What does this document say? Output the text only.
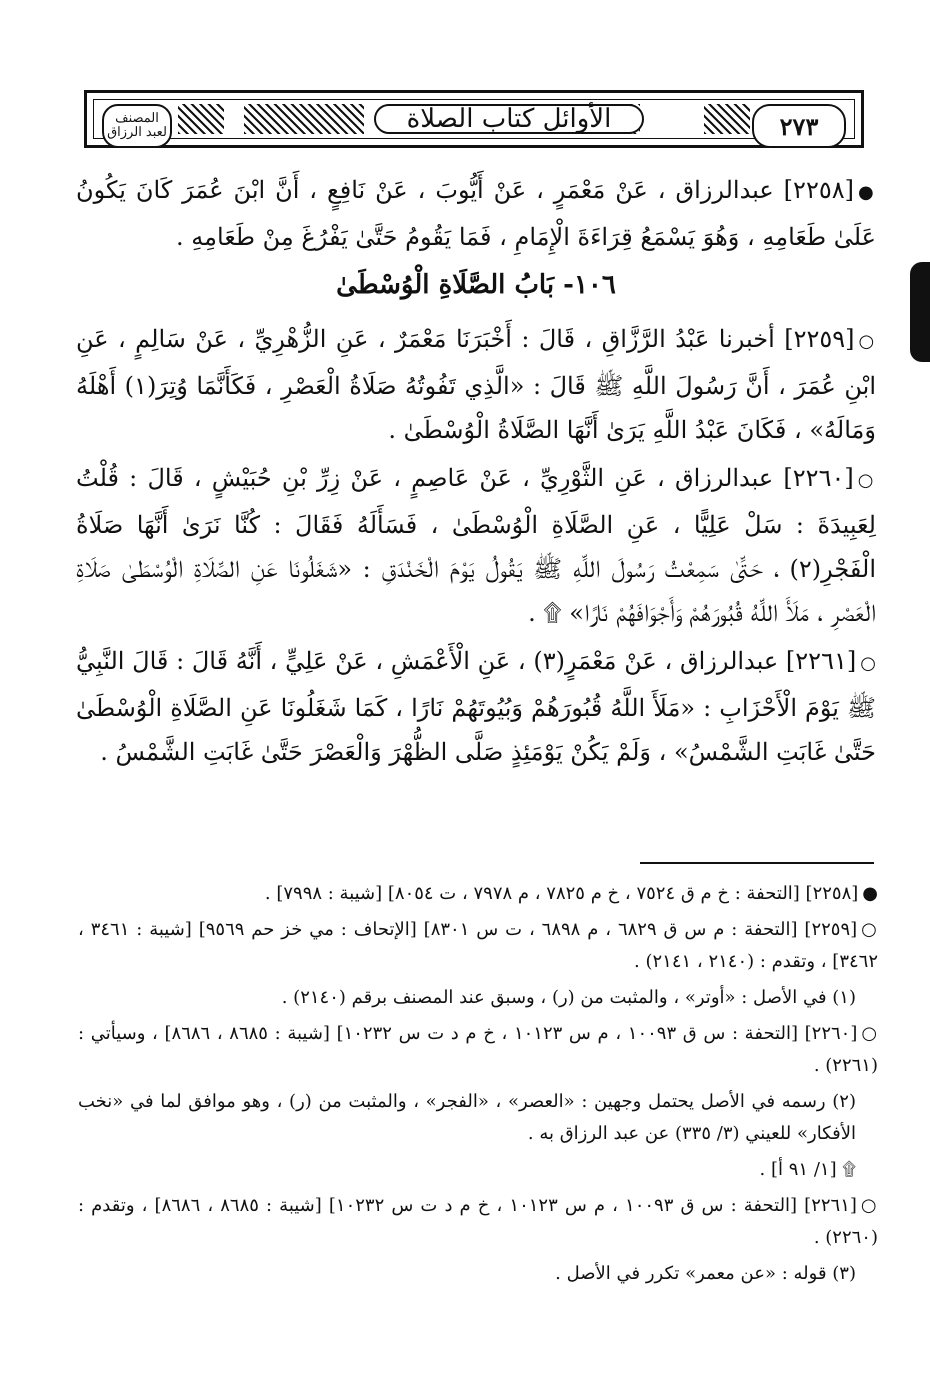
المصنف لعبد الرزاق	الأوائل كتاب الصلاة	٢٧٣

●[٢٢٥٨] عبدالرزاق ، عَنْ مَعْمَرٍ ، عَنْ أَيُّوبَ ، عَنْ نَافِعٍ ، أَنَّ ابْنَ عُمَرَ كَانَ يَكُونُ عَلَىٰ طَعَامِهِ ، وَهُوَ يَسْمَعُ قِرَاءَةَ الْإِمَامِ ، فَمَا يَقُومُ حَتَّىٰ يَفْرُغَ مِنْ طَعَامِهِ .

١٠٦- بَابُ الصَّلَاةِ الْوُسْطَىٰ

○[٢٢٥٩] أخبرنا عَبْدُ الرَّزَّاقِ ، قَالَ : أَخْبَرَنَا مَعْمَرٌ ، عَنِ الزُّهْرِيِّ ، عَنْ سَالِمٍ ، عَنِ ابْنِ عُمَرَ ، أَنَّ رَسُولَ اللَّهِ ﷺ قَالَ : «الَّذِي تَفُوتُهُ صَلَاةُ الْعَصْرِ ، فَكَأَنَّمَا وُتِرَ(١) أَهْلَهُ وَمَالَهُ» ، فَكَانَ عَبْدُ اللَّهِ يَرَىٰ أَنَّهَا الصَّلَاةُ الْوُسْطَىٰ .

○[٢٢٦٠] عبدالرزاق ، عَنِ الثَّوْرِيِّ ، عَنْ عَاصِمٍ ، عَنْ زِرِّ بْنِ حُبَيْشٍ ، قَالَ : قُلْتُ لِعَبِيدَةَ : سَلْ عَلِيًّا ، عَنِ الصَّلَاةِ الْوُسْطَىٰ ، فَسَأَلَهُ فَقَالَ : كُنَّا نَرَىٰ أَنَّهَا صَلَاةُ الْفَجْرِ(٢) ، حَتَّىٰ سَمِعْتُ رَسُولَ اللَّهِ ﷺ يَقُولُ يَوْمَ الْخَنْدَقِ : «شَغَلُونَا عَنِ الصَّلَاةِ الْوُسْطَىٰ صَلَاةِ الْعَصْرِ ، مَلَأَ اللَّهُ قُبُورَهُمْ وَأَجْوَافَهُمْ نَارًا» ۩ .

○[٢٢٦١] عبدالرزاق ، عَنْ مَعْمَرٍ(٣) ، عَنِ الْأَعْمَشِ ، عَنْ عَلِيٍّ ، أَنَّهُ قَالَ : قَالَ النَّبِيُّ ﷺ يَوْمَ الْأَحْزَابِ : «مَلَأَ اللَّهُ قُبُورَهُمْ وَبُيُوتَهُمْ نَارًا ، كَمَا شَغَلُونَا عَنِ الصَّلَاةِ الْوُسْطَىٰ حَتَّىٰ غَابَتِ الشَّمْسُ» ، وَلَمْ يَكُنْ يَوْمَئِذٍ صَلَّى الظُّهْرَ وَالْعَصْرَ حَتَّىٰ غَابَتِ الشَّمْسُ .

●[٢٢٥٨] [التحفة : خ م ق ٧٥٢٤ ، خ م ٧٨٢٥ ، م ٧٩٧٨ ، ت ٨٠٥٤] [شيبة : ٧٩٩٨] .

○[٢٢٥٩] [التحفة : م س ق ٦٨٢٩ ، م ٦٨٩٨ ، ت س ٨٣٠١] [الإتحاف : مي خز حم ٩٥٦٩] [شيبة : ٣٤٦١ ، ٣٤٦٢] ، وتقدم : (٢١٤٠ ، ٢١٤١) .

(١) في الأصل : «أوتر» ، والمثبت من (ر) ، وسبق عند المصنف برقم (٢١٤٠) .

○[٢٢٦٠] [التحفة : س ق ١٠٠٩٣ ، م س ١٠١٢٣ ، خ م د ت س ١٠٢٣٢] [شيبة : ٨٦٨٥ ، ٨٦٨٦] ، وسيأتي : (٢٢٦١) .

(٢) رسمه في الأصل يحتمل وجهين : «العصر» ، «الفجر» ، والمثبت من (ر) ، وهو موافق لما في «نخب الأفكار» للعيني (٣/ ٣٣٥) عن عبد الرزاق به .

۩ [١/ ٩١ أ] .

○[٢٢٦١] [التحفة : س ق ١٠٠٩٣ ، م س ١٠١٢٣ ، خ م د ت س ١٠٢٣٢] [شيبة : ٨٦٨٥ ، ٨٦٨٦] ، وتقدم : (٢٢٦٠) .

(٣) قوله : «عن معمر» تكرر في الأصل .
